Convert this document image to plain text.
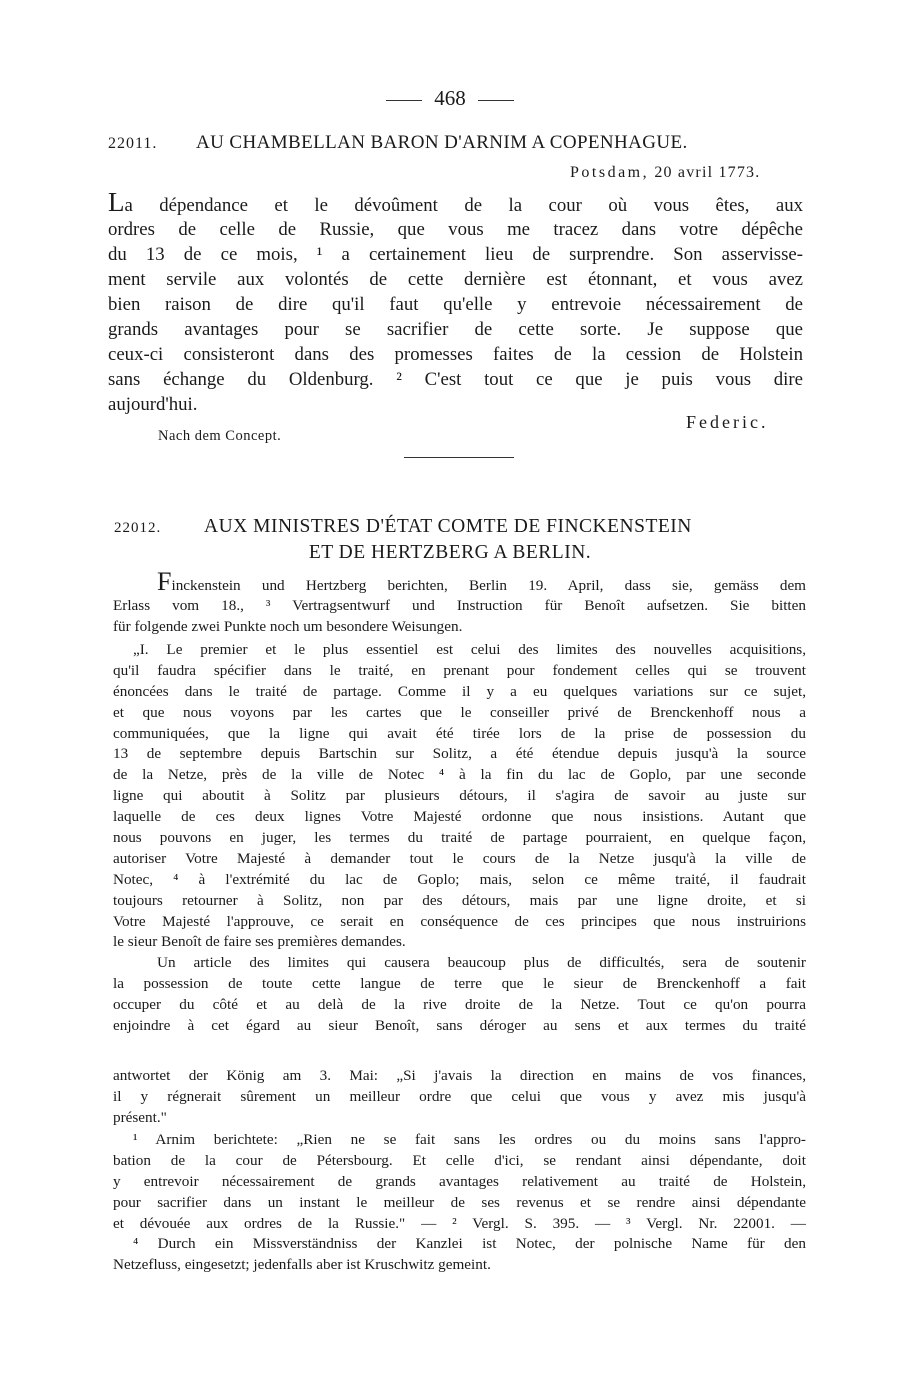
468
22011. AU CHAMBELLAN BARON D'ARNIM A COPENHAGUE.
Potsdam, 20 avril 1773.
La dépendance et le dévoûment de la cour où vous êtes, aux
ordres de celle de Russie, que vous me tracez dans votre dépêche
du 13 de ce mois, ¹ a certainement lieu de surprendre. Son asservisse-
ment servile aux volontés de cette dernière est étonnant, et vous avez
bien raison de dire qu'il faut qu'elle y entrevoie nécessairement de
grands avantages pour se sacrifier de cette sorte. Je suppose que
ceux-ci consisteront dans des promesses faites de la cession de Holstein
sans échange du Oldenburg. ² C'est tout ce que je puis vous dire
aujourd'hui.
Federic.
Nach dem Concept.
22012. AUX MINISTRES D'ÉTAT COMTE DE FINCKENSTEIN
ET DE HERTZBERG A BERLIN.
Finckenstein und Hertzberg berichten, Berlin 19. April, dass sie, gemäss dem
Erlass vom 18., ³ Vertragsentwurf und Instruction für Benoît aufsetzen. Sie bitten
für folgende zwei Punkte noch um besondere Weisungen.
„I. Le premier et le plus essentiel est celui des limites des nouvelles acquisitions,
qu'il faudra spécifier dans le traité, en prenant pour fondement celles qui se trouvent
énoncées dans le traité de partage. Comme il y a eu quelques variations sur ce sujet,
et que nous voyons par les cartes que le conseiller privé de Brenckenhoff nous a
communiquées, que la ligne qui avait été tirée lors de la prise de possession du
13 de septembre depuis Bartschin sur Solitz, a été étendue depuis jusqu'à la source
de la Netze, près de la ville de Notec ⁴ à la fin du lac de Goplo, par une seconde
ligne qui aboutit à Solitz par plusieurs détours, il s'agira de savoir au juste sur
laquelle de ces deux lignes Votre Majesté ordonne que nous insistions. Autant que
nous pouvons en juger, les termes du traité de partage pourraient, en quelque façon,
autoriser Votre Majesté à demander tout le cours de la Netze jusqu'à la ville de
Notec, ⁴ à l'extrémité du lac de Goplo; mais, selon ce même traité, il faudrait
toujours retourner à Solitz, non par des détours, mais par une ligne droite, et si
Votre Majesté l'approuve, ce serait en conséquence de ces principes que nous instruirions
le sieur Benoît de faire ses premières demandes.
Un article des limites qui causera beaucoup plus de difficultés, sera de soutenir
la possession de toute cette langue de terre que le sieur de Brenckenhoff a fait
occuper du côté et au delà de la rive droite de la Netze. Tout ce qu'on pourra
enjoindre à cet égard au sieur Benoît, sans déroger au sens et aux termes du traité
antwortet der König am 3. Mai: „Si j'avais la direction en mains de vos finances,
il y régnerait sûrement un meilleur ordre que celui que vous y avez mis jusqu'à
présent."
¹ Arnim berichtete: „Rien ne se fait sans les ordres ou du moins sans l'appro-
bation de la cour de Pétersbourg. Et celle d'ici, se rendant ainsi dépendante, doit
y entrevoir nécessairement de grands avantages relativement au traité de Holstein,
pour sacrifier dans un instant le meilleur de ses revenus et se rendre ainsi dépendante
et dévouée aux ordres de la Russie." — ² Vergl. S. 395. — ³ Vergl. Nr. 22001. —
⁴ Durch ein Missverständniss der Kanzlei ist Notec, der polnische Name für den
Netzefluss, eingesetzt; jedenfalls aber ist Kruschwitz gemeint.
